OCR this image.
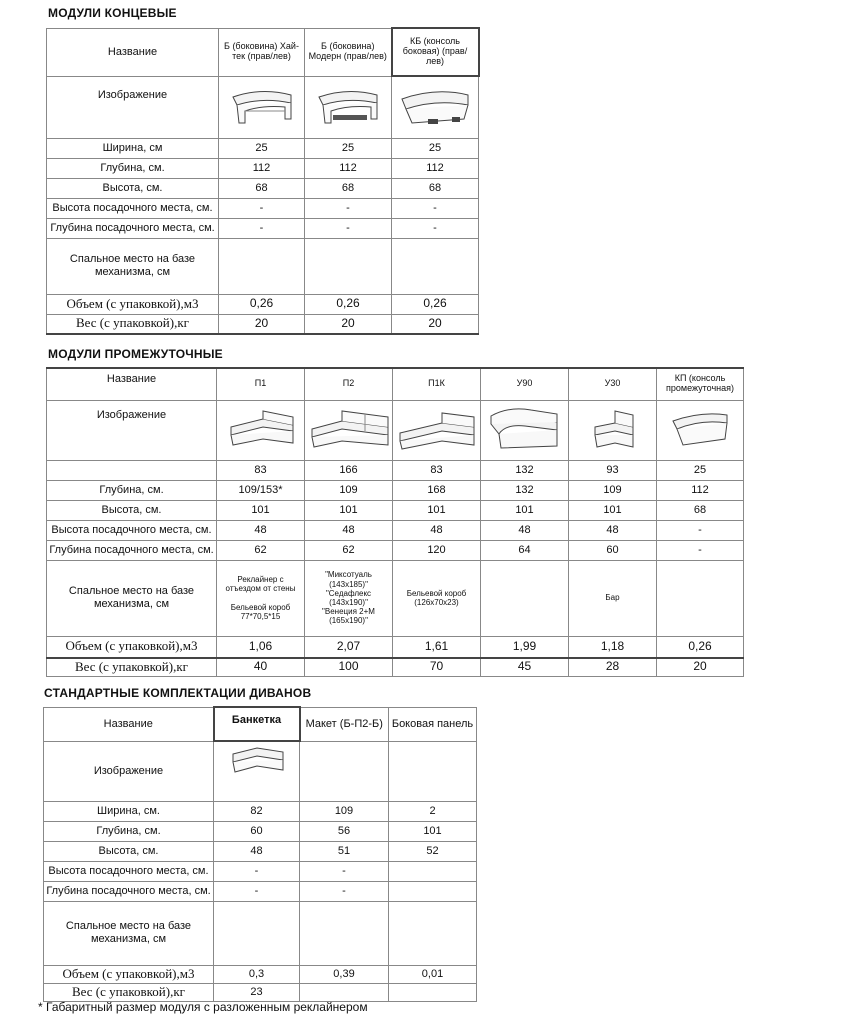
МОДУЛИ КОНЦЕВЫЕ
Название	Б (боковина) Хай-тек (прав/лев)	Б (боковина) Модерн (прав/лев)	КБ (консоль боковая) (прав/лев)
Изображение	

Ширина, см	25	25	25
Глубина, см.	112	112	112
Высота, см.	68	68	68
Высота посадочного места, см.	-	-	-
Глубина посадочного места, см.	-	-	-
Спальное место на базе механизма, см			
Объем (с упаковкой),м3	0,26	0,26	0,26
Вес (с упаковкой),кг	20	20	20
МОДУЛИ ПРОМЕЖУТОЧНЫЕ
Название	П1	П2	П1К	У90	У30	КП (консоль промежуточная)
Изображение	

	83	166	83	132	93	25
Глубина, см.	109/153*	109	168	132	109	112
Высота, см.	101	101	101	101	101	68
Высота посадочного места, см.	48	48	48	48	48	-
Глубина посадочного места, см.	62	62	120	64	60	-
Спальное место на базе механизма, см	Реклайнер с отъездом от стены

Бельевой короб 77*70,5*15	"Миксотуаль (143х185)"
"Седафлекс (143х190)"
"Венеция 2+М (165х190)"	Бельевой короб
(126х70х23)		Бар	

Объем (с упаковкой),м3	1,06	2,07	1,61	1,99	1,18	0,26
Вес (с упаковкой),кг	40	100	70	45	28	20
СТАНДАРТНЫЕ КОМПЛЕКТАЦИИ ДИВАНОВ
Название	Банкетка	Макет (Б-П2-Б)	Боковая панель
Изображение	

Ширина, см.	82	109	2
Глубина, см.	60	56	101
Высота, см.	48	51	52
Высота посадочного места, см.	-	-	
Глубина посадочного места, см.	-	-	
Спальное место на базе механизма, см			
Объем (с упаковкой),м3	0,3	0,39	0,01
Вес (с упаковкой),кг	23		
* Габаритный размер модуля с разложенным реклайнером
